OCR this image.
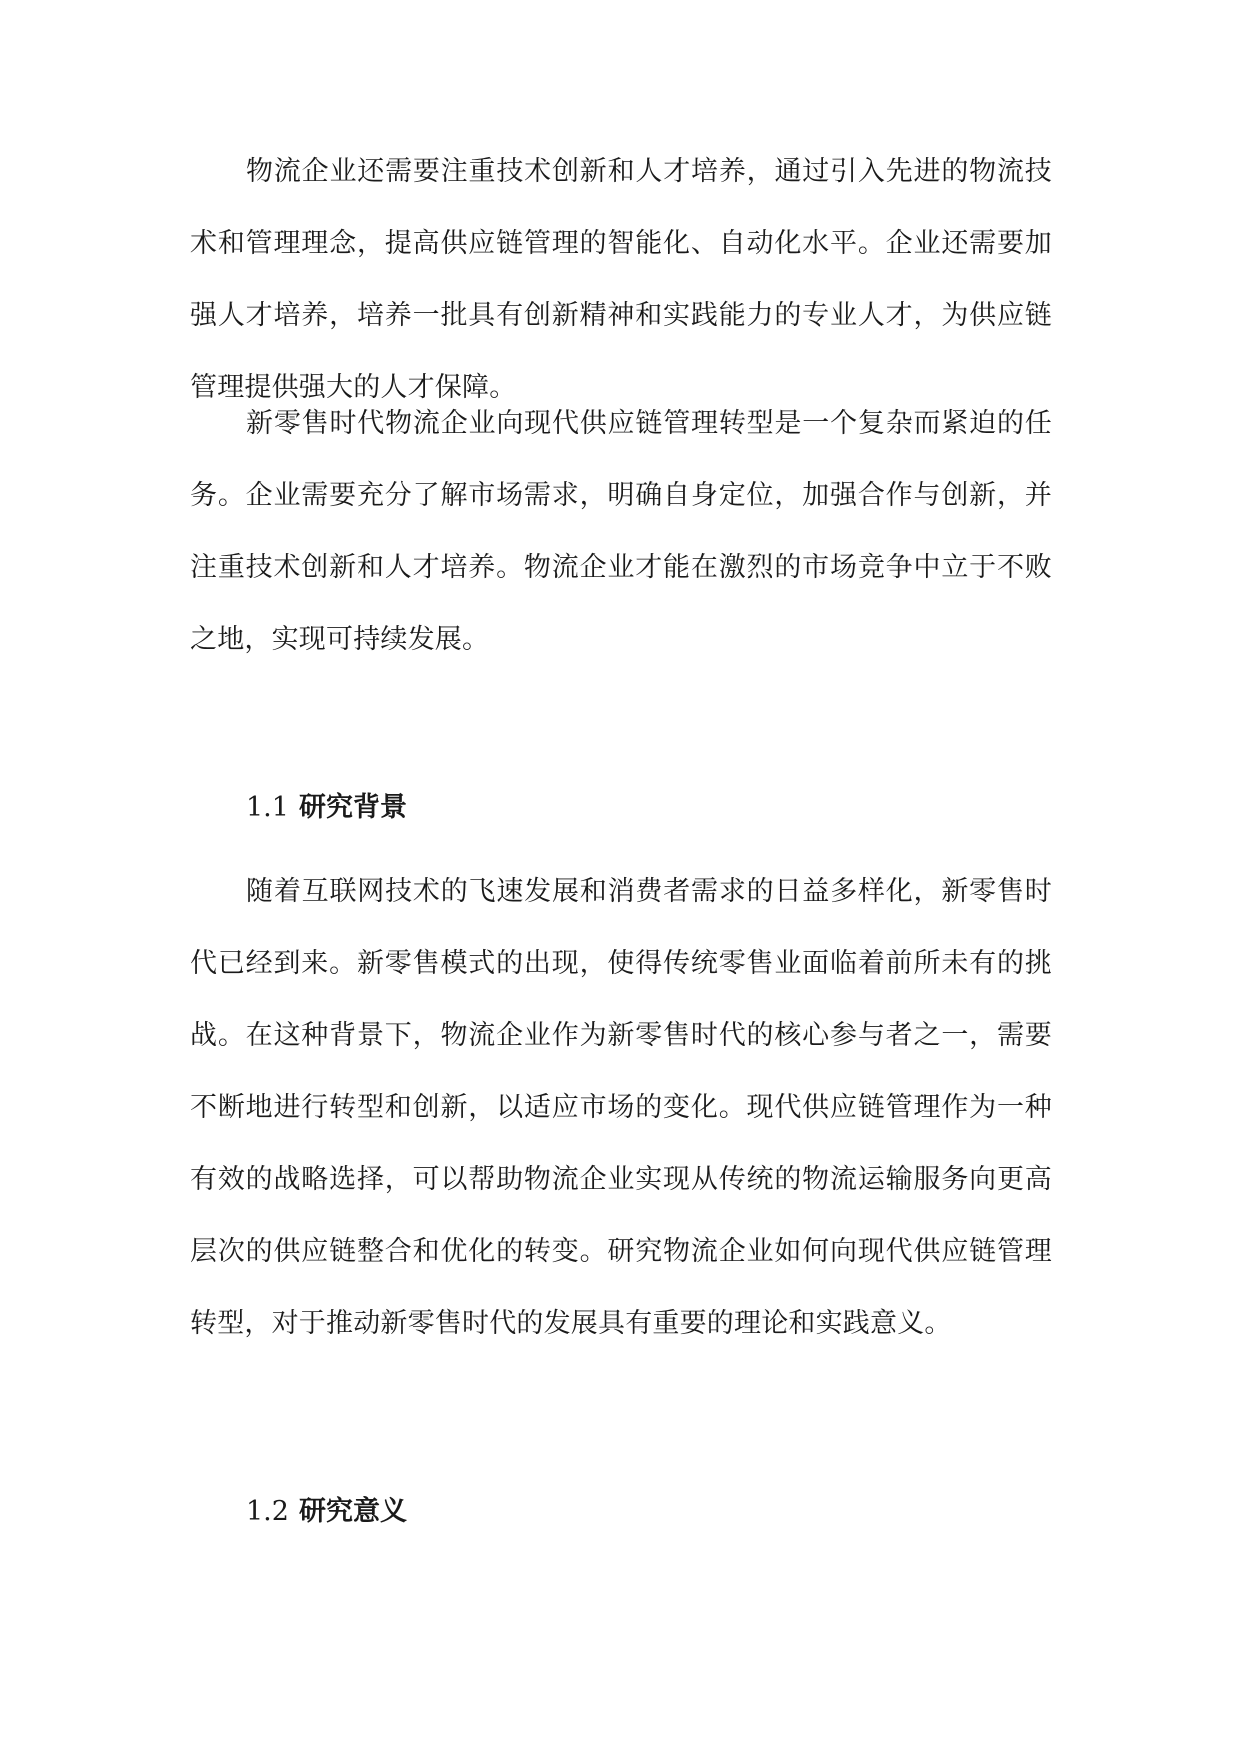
物流企业还需要注重技术创新和人才培养，通过引入先进的物流技术和管理理念，提高供应链管理的智能化、自动化水平。企业还需要加强人才培养，培养一批具有创新精神和实践能力的专业人才，为供应链管理提供强大的人才保障。

新零售时代物流企业向现代供应链管理转型是一个复杂而紧迫的任务。企业需要充分了解市场需求，明确自身定位，加强合作与创新，并注重技术创新和人才培养。物流企业才能在激烈的市场竞争中立于不败之地，实现可持续发展。

1.1 研究背景

随着互联网技术的飞速发展和消费者需求的日益多样化，新零售时代已经到来。新零售模式的出现，使得传统零售业面临着前所未有的挑战。在这种背景下，物流企业作为新零售时代的核心参与者之一，需要不断地进行转型和创新，以适应市场的变化。现代供应链管理作为一种有效的战略选择，可以帮助物流企业实现从传统的物流运输服务向更高层次的供应链整合和优化的转变。研究物流企业如何向现代供应链管理转型，对于推动新零售时代的发展具有重要的理论和实践意义。

1.2 研究意义
